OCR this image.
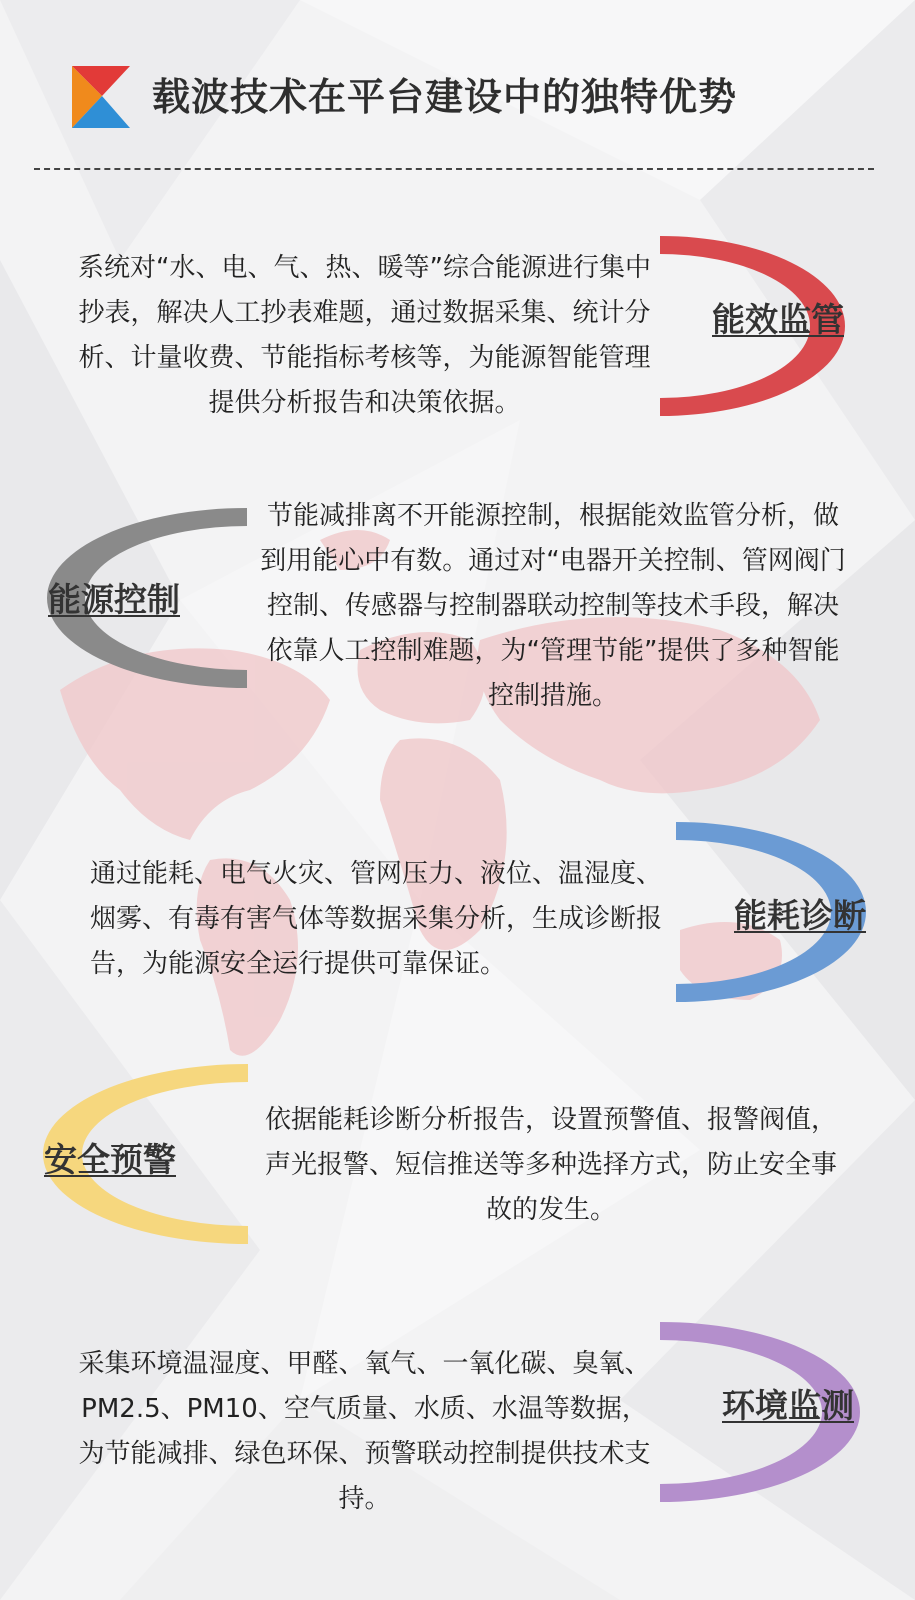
载波技术在平台建设中的独特优势
系统对“水、电、气、热、暖等”综合能源进行集中抄表，解决人工抄表难题，通过数据采集、统计分析、计量收费、节能指标考核等，为能源智能管理提供分析报告和决策依据。
能效监管
节能减排离不开能源控制，根据能效监管分析，做到用能心中有数。通过对“电器开关控制、管网阀门控制、传感器与控制器联动控制等技术手段，解决依靠人工控制难题，为“管理节能”提供了多种智能控制措施。
能源控制
通过能耗、电气火灾、管网压力、液位、温湿度、烟雾、有毒有害气体等数据采集分析，生成诊断报告，为能源安全运行提供可靠保证。
能耗诊断
依据能耗诊断分析报告，设置预警值、报警阀值，声光报警、短信推送等多种选择方式，防止安全事故的发生。
安全预警
采集环境温湿度、甲醛、氧气、一氧化碳、臭氧、PM2.5、PM10、空气质量、水质、水温等数据，为节能减排、绿色环保、预警联动控制提供技术支持。
环境监测
